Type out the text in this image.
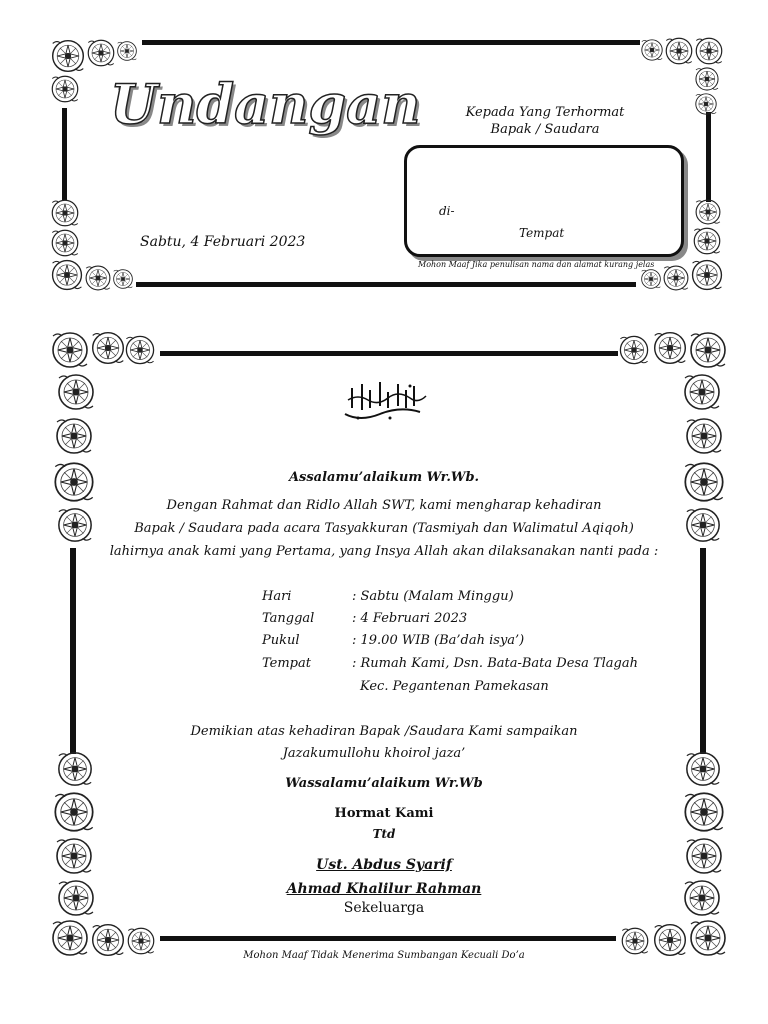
Undangan	Kepada Yang Terhormat
Bapak / Saudara
di-
Tempat
Sabtu, 4 Februari 2023
Mohon Maaf Jika penulisan nama dan alamat kurang jelas
Assalamu’alaikum Wr.Wb.
Dengan Rahmat dan Ridlo Allah SWT, kami mengharap kehadiran
Bapak / Saudara pada acara Tasyakkuran (Tasmiyah dan Walimatul Aqiqoh)
lahirnya anak kami yang Pertama, yang Insya Allah akan dilaksanakan nanti pada :
Hari	: Sabtu (Malam Minggu)
Tanggal	: 4 Februari 2023
Pukul	: 19.00 WIB (Ba’dah isya’)
Tempat	: Rumah Kami, Dsn. Bata-Bata Desa Tlagah
Kec. Pegantenan Pamekasan
Demikian atas kehadiran Bapak /Saudara Kami sampaikan
Jazakumullohu khoirol jaza’
Wassalamu’alaikum Wr.Wb
Hormat Kami
Ttd
Ust. Abdus Syarif
Ahmad Khalilur Rahman
Sekeluarga
Mohon Maaf Tidak Menerima Sumbangan Kecuali Do’a
